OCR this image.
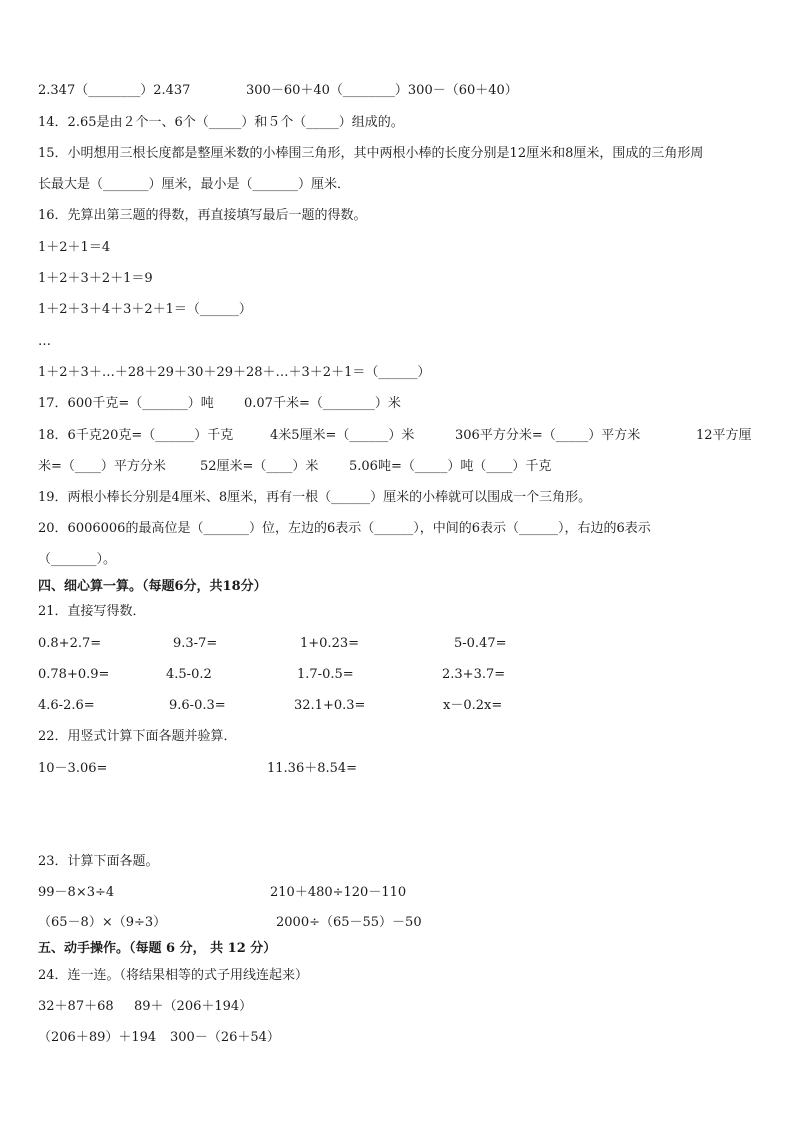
2.347（________）2.437	300－60＋40（________）300－（60＋40）
14．2.65是由２个一、6个（_____）和５个（_____）组成的。
15．小明想用三根长度都是整厘米数的小棒围三角形，其中两根小棒的长度分别是12厘米和8厘米，围成的三角形周
长最大是（_______）厘米，最小是（_______）厘米．
16．先算出第三题的得数，再直接填写最后一题的得数。
1＋2＋1＝4
1＋2＋3＋2＋1＝9
1＋2＋3＋4＋3＋2＋1＝（______）
…
1＋2＋3＋…＋28＋29＋30＋29＋28＋…＋3＋2＋1＝（______）
17．600千克=（_______）吨 0.07千米=（________）米
18．6千克20克=（______）千克	4米5厘米=（______）米	306平方分米=（_____）平方米	12平方厘
米=（____）平方分米	52厘米=（____）米 5.06吨=（_____）吨（____）千克
19．两根小棒长分别是4厘米、8厘米，再有一根（______）厘米的小棒就可以围成一个三角形。
20．6006006的最高位是（_______）位，左边的6表示（______），中间的6表示（______），右边的6表示
（_______）。
四、细心算一算。（每题6分，共18分）
21．直接写得数．
0.8+2.7=	9.3-7=	1+0.23=	5-0.47=
0.78+0.9=	4.5-0.2	1.7-0.5=	2.3+3.7=
4.6-2.6=	9.6-0.3=	32.1+0.3=	x－0.2x=
22．用竖式计算下面各题并验算．
10－3.06=	11.36＋8.54=
23．计算下面各题。
99－8×3÷4	210＋480÷120－110
（65－8）×（9÷3）	2000÷（65－55）－50
五、动手操作。（每题 6 分， 共 12 分）
24．连一连。（将结果相等的式子用线连起来）
32＋87＋68 89＋（206＋194）
（206＋89）＋194 300－（26＋54）
